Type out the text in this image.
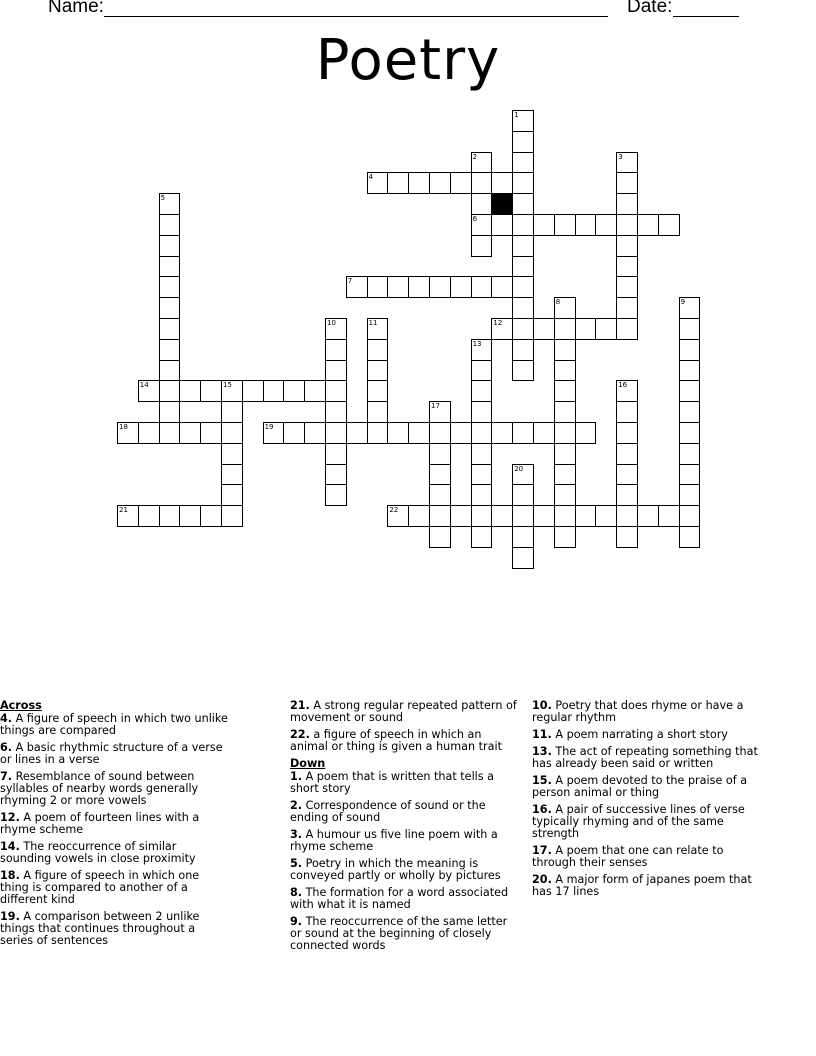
Name:	Date:
Poetry
4
6
7
12
14
18	19
21	22
1
2	3
5
8	9
10	11
13
15	16
17
20
Across
4. A figure of speech in which two unlike things are compared
6. A basic rhythmic structure of a verse or lines in a verse
7. Resemblance of sound between syllables of nearby words generally rhyming 2 or more vowels
12. A poem of fourteen lines with a rhyme scheme
14. The reoccurrence of similar sounding vowels in close proximity
18. A figure of speech in which one thing is compared to another of a different kind
19. A comparison between 2 unlike things that continues throughout a series of sentences
21. A strong regular repeated pattern of movement or sound
22. a figure of speech in which an animal or thing is given a human trait
Down
1. A poem that is written that tells a short story
2. Correspondence of sound or the ending of sound
3. A humour us five line poem with a rhyme scheme
5. Poetry in which the meaning is conveyed partly or wholly by pictures
8. The formation for a word associated with what it is named
9. The reoccurrence of the same letter or sound at the beginning of closely connected words
10. Poetry that does rhyme or have a regular rhythm
11. A poem narrating a short story
13. The act of repeating something that has already been said or written
15. A poem devoted to the praise of a person animal or thing
16. A pair of successive lines of verse typically rhyming and of the same strength
17. A poem that one can relate to through their senses
20. A major form of japanes poem that has 17 lines
